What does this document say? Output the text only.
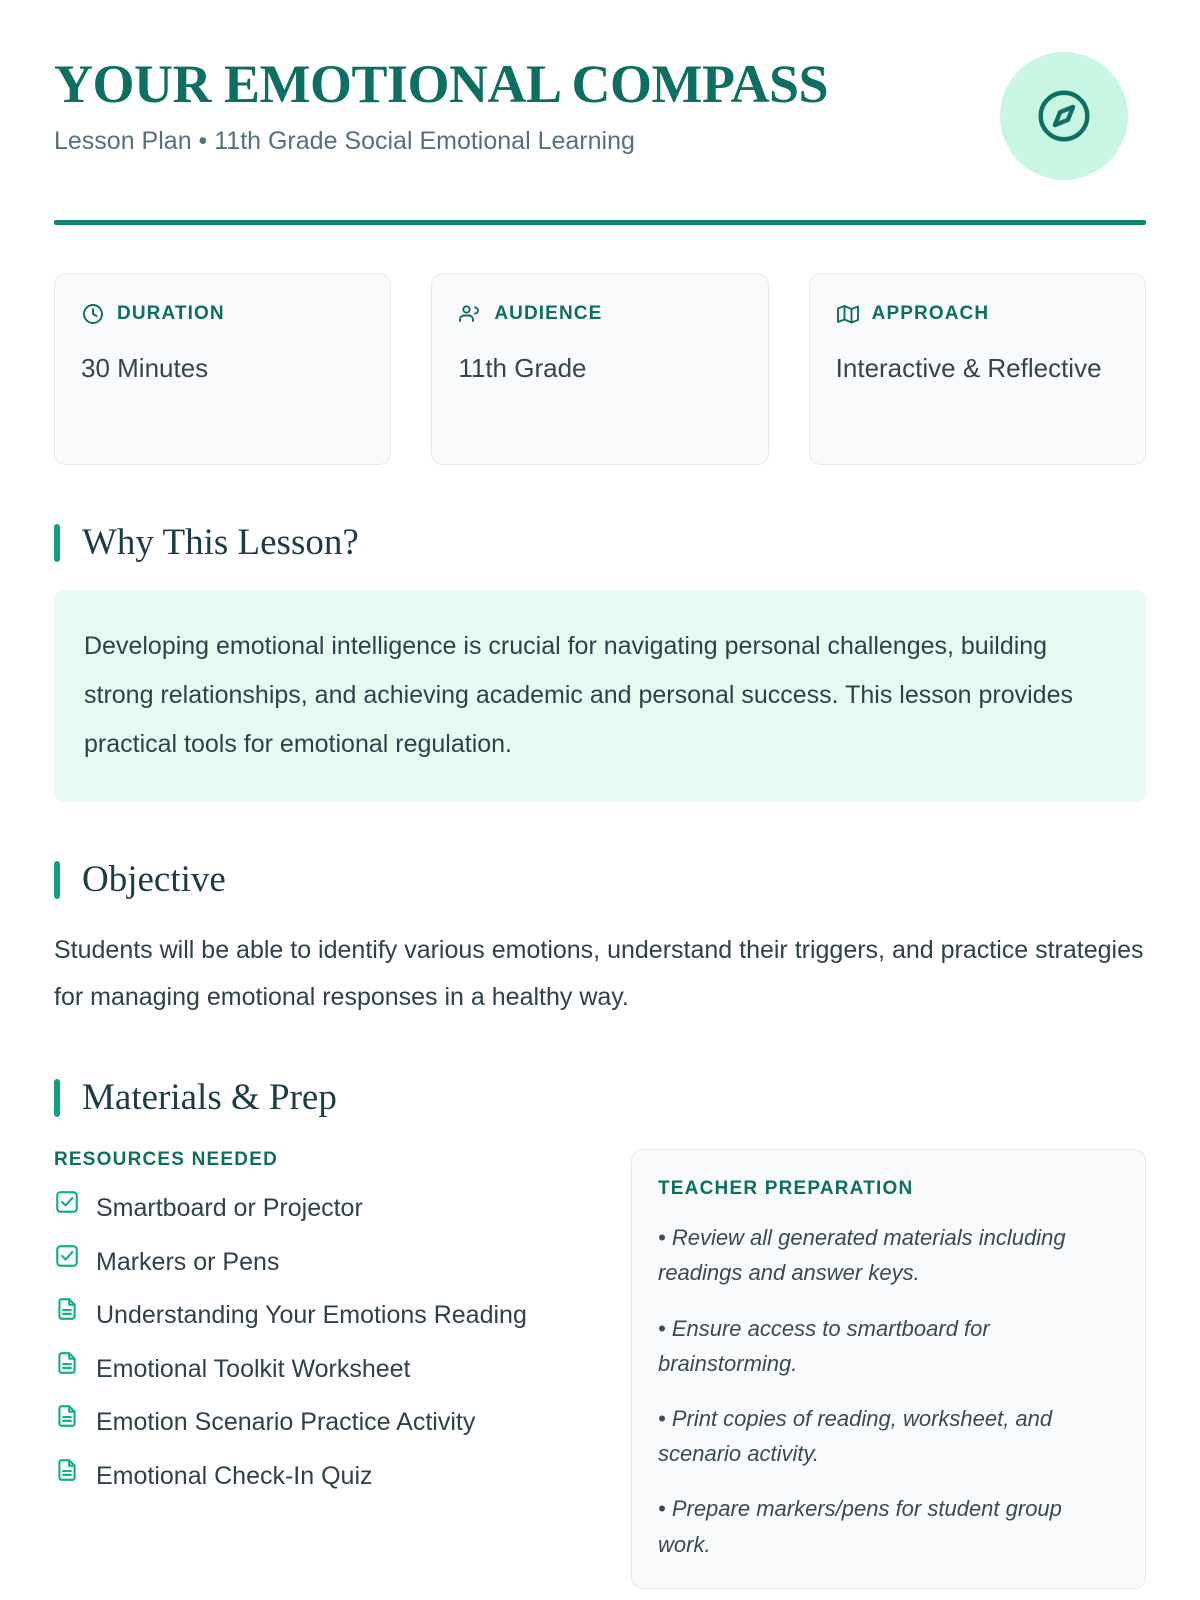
YOUR EMOTIONAL COMPASS
Lesson Plan • 11th Grade Social Emotional Learning
DURATION
30 Minutes
AUDIENCE
11th Grade
APPROACH
Interactive & Reflective
Why This Lesson?
Developing emotional intelligence is crucial for navigating personal challenges, building strong relationships, and achieving academic and personal success. This lesson provides practical tools for emotional regulation.
Objective
Students will be able to identify various emotions, understand their triggers, and practice strategies for managing emotional responses in a healthy way.
Materials & Prep
RESOURCES NEEDED
Smartboard or Projector
Markers or Pens
Understanding Your Emotions Reading
Emotional Toolkit Worksheet
Emotion Scenario Practice Activity
Emotional Check-In Quiz
TEACHER PREPARATION
• Review all generated materials including readings and answer keys.
• Ensure access to smartboard for brainstorming.
• Print copies of reading, worksheet, and scenario activity.
• Prepare markers/pens for student group work.
